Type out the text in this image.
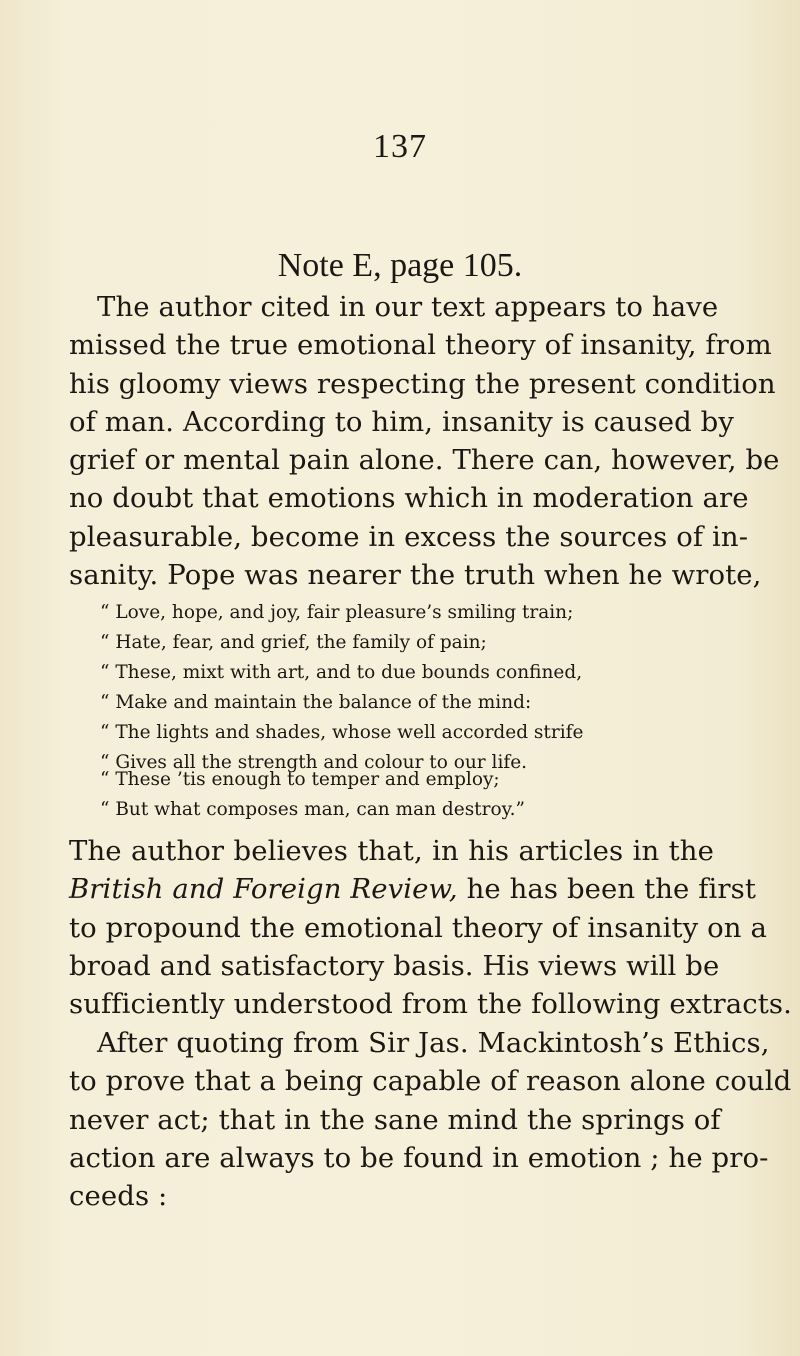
137
Note E, page 105.
The author cited in our text appears to have
missed the true emotional theory of insanity, from
his gloomy views respecting the present condition
of man. According to him, insanity is caused by
grief or mental pain alone. There can, however, be
no doubt that emotions which in moderation are
pleasurable, become in excess the sources of in-
sanity. Pope was nearer the truth when he wrote,
“ Love, hope, and joy, fair pleasure’s smiling train;
“ Hate, fear, and grief, the family of pain;
“ These, mixt with art, and to due bounds confined,
“ Make and maintain the balance of the mind:
“ The lights and shades, whose well accorded strife
“ Gives all the strength and colour to our life.
“ These ’tis enough to temper and employ;
“ But what composes man, can man destroy.”
The author believes that, in his articles in the
British and Foreign Review, he has been the first
to propound the emotional theory of insanity on a
broad and satisfactory basis. His views will be
sufficiently understood from the following extracts.
After quoting from Sir Jas. Mackintosh’s Ethics,
to prove that a being capable of reason alone could
never act; that in the sane mind the springs of
action are always to be found in emotion ; he pro-
ceeds :
